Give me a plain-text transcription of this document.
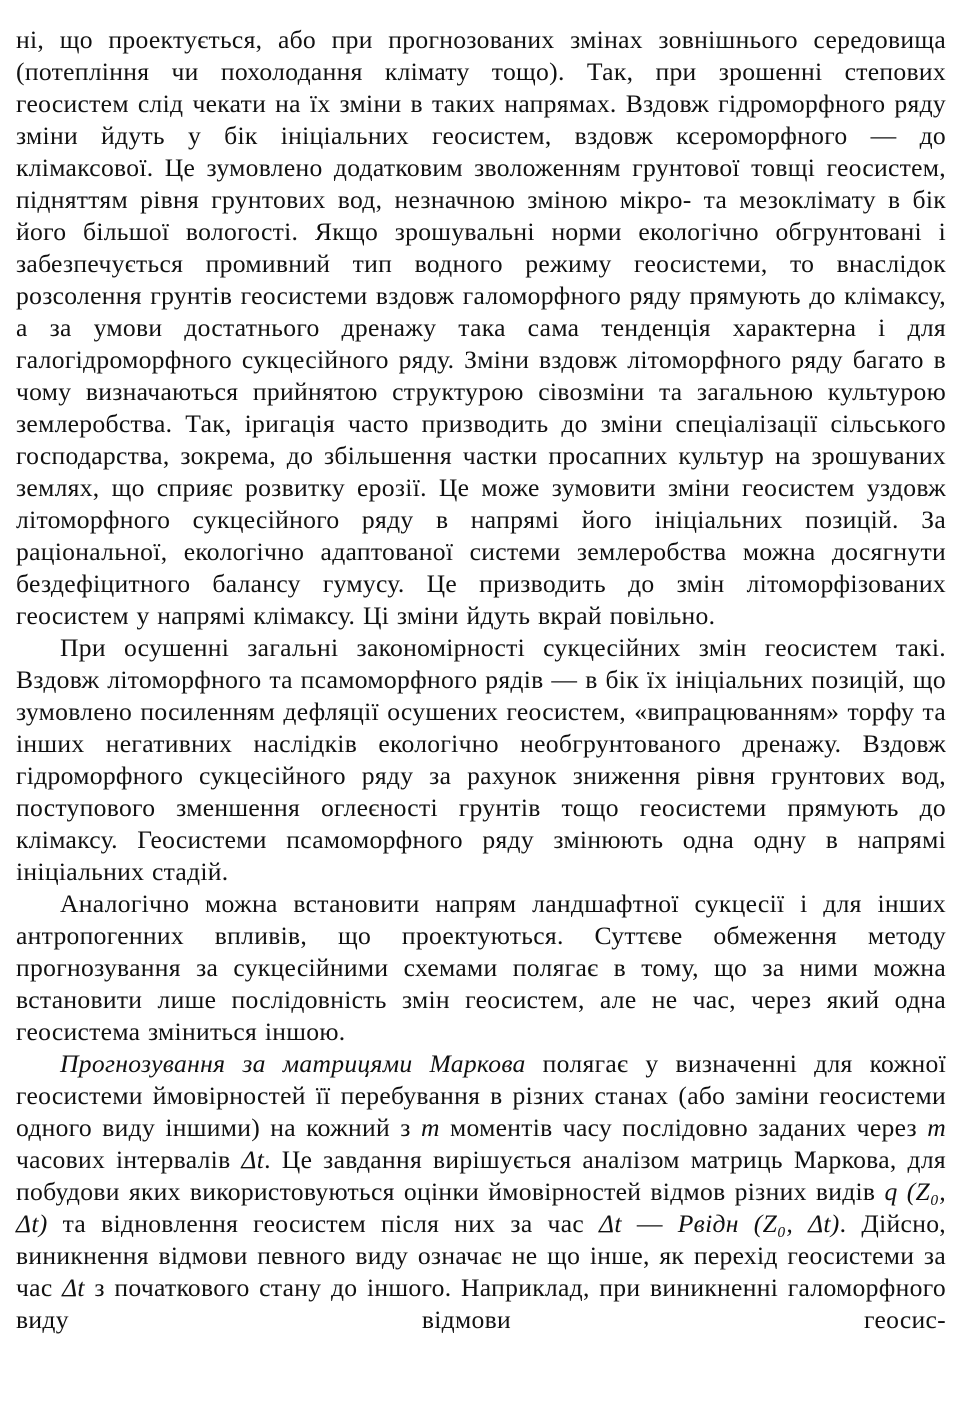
ні, що проектується, або при прогнозованих змінах зовнішнього середовища (потепління чи похолодання клімату тощо). Так, при зрошенні степових геосистем слід чекати на їх зміни в таких напрямах. Вздовж гідроморфного ряду зміни йдуть у бік ініціальних геосистем, вздовж ксероморфного — до клімаксової. Це зумовлено додатковим зволоженням грунтової товщі геосистем, підняттям рівня грунтових вод, незначною зміною мікро- та мезоклімату в бік його більшої вологості. Якщо зрошувальні норми екологічно обгрунтовані і забезпечується промивний тип водного режиму геосистеми, то внаслідок розсолення грунтів геосистеми вздовж галоморфного ряду прямують до клімаксу, а за умови достатнього дренажу така сама тенденція характерна і для галогідроморфного сукцесійного ряду. Зміни вздовж літоморфного ряду багато в чому визначаються прийнятою структурою сівозміни та загальною культурою землеробства. Так, іригація часто призводить до зміни спеціалізації сільського господарства, зокрема, до збільшення частки просапних культур на зрошуваних землях, що сприяє розвитку ерозії. Це може зумовити зміни геосистем уздовж літоморфного сукцесійного ряду в напрямі його ініціальних позицій. За раціональної, екологічно адаптованої системи землеробства можна досягнути бездефіцитного балансу гумусу. Це призводить до змін літоморфізованих геосистем у напрямі клімаксу. Ці зміни йдуть вкрай повільно.

При осушенні загальні закономірності сукцесійних змін геосистем такі. Вздовж літоморфного та псамоморфного рядів — в бік їх ініціальних позицій, що зумовлено посиленням дефляції осушених геосистем, «випрацюванням» торфу та інших негативних наслідків екологічно необгрунтованого дренажу. Вздовж гідроморфного сукцесійного ряду за рахунок зниження рівня грунтових вод, поступового зменшення оглеєності грунтів тощо геосистеми прямують до клімаксу. Геосистеми псамоморфного ряду змінюють одна одну в напрямі ініціальних стадій.

Аналогічно можна встановити напрям ландшафтної сукцесії і для інших антропогенних впливів, що проектуються. Суттєве обмеження методу прогнозування за сукцесійними схемами полягає в тому, що за ними можна встановити лише послідовність змін геосистем, але не час, через який одна геосистема зміниться іншою.

Прогнозування за матрицями Маркова полягає у визначенні для кожної геосистеми ймовірностей її перебування в різних станах (або заміни геосистеми одного виду іншими) на кожний з m моментів часу послідовно заданих через m часових інтервалів Δt. Це завдання вирішується аналізом матриць Маркова, для побудови яких використовуються оцінки ймовірностей відмов різних видів q (Z₀, Δt) та відновлення геосистем після них за час Δt — Pвідн (Z₀, Δt). Дійсно, виникнення відмови певного виду означає не що інше, як перехід геосистеми за час Δt з початкового стану до іншого. Наприклад, при виникненні галоморфного виду відмови геосис-
